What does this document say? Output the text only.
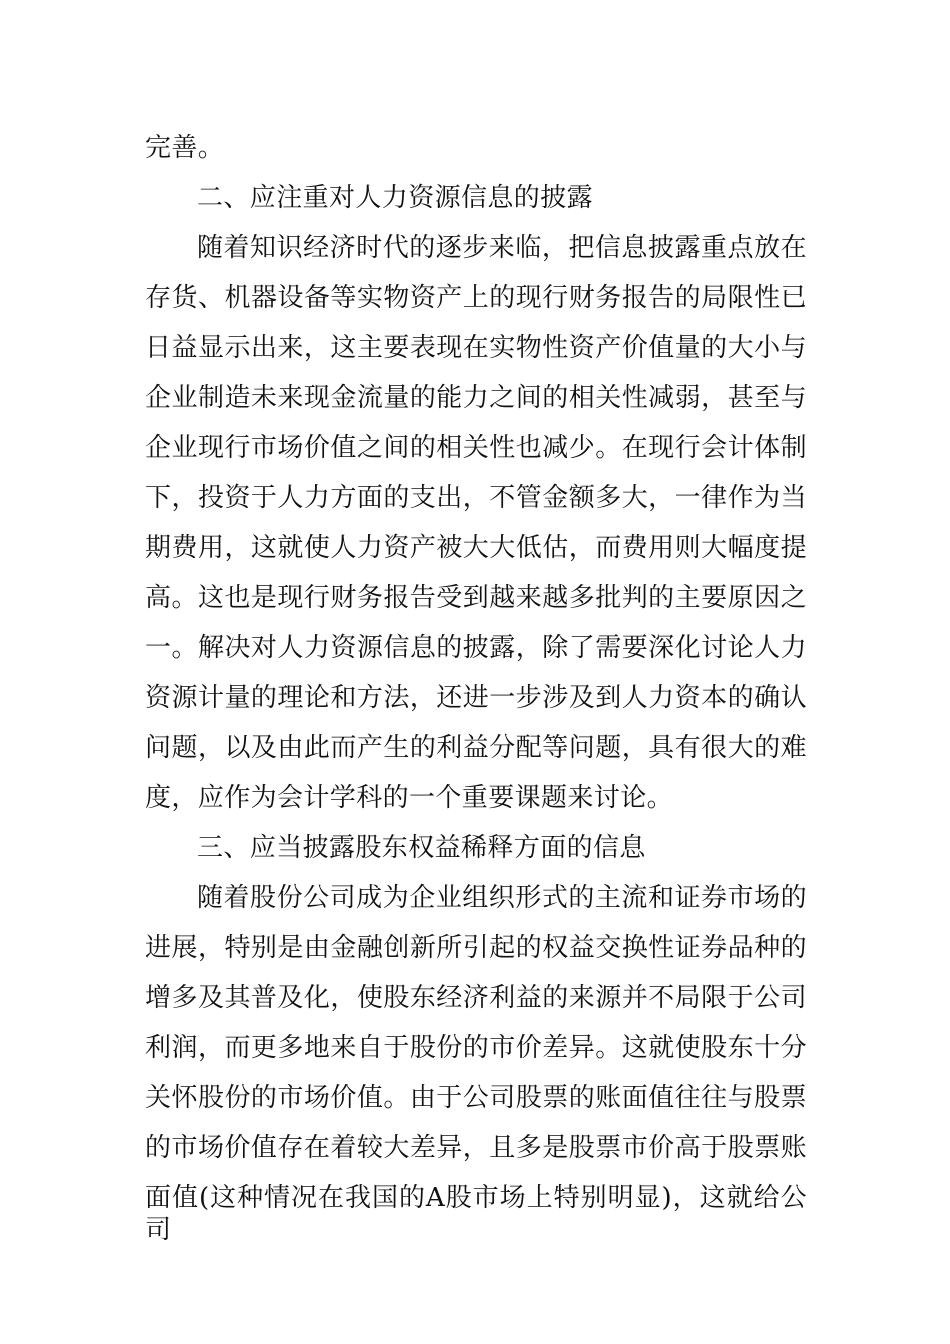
完善。
二、应注重对人力资源信息的披露
随着知识经济时代的逐步来临，把信息披露重点放在
存货、机器设备等实物资产上的现行财务报告的局限性已
日益显示出来，这主要表现在实物性资产价值量的大小与
企业制造未来现金流量的能力之间的相关性减弱，甚至与
企业现行市场价值之间的相关性也减少。在现行会计体制
下，投资于人力方面的支出，不管金额多大，一律作为当
期费用，这就使人力资产被大大低估，而费用则大幅度提
高。这也是现行财务报告受到越来越多批判的主要原因之
一。解决对人力资源信息的披露，除了需要深化讨论人力
资源计量的理论和方法，还进一步涉及到人力资本的确认
问题，以及由此而产生的利益分配等问题，具有很大的难
度，应作为会计学科的一个重要课题来讨论。
三、应当披露股东权益稀释方面的信息
随着股份公司成为企业组织形式的主流和证券市场的
进展，特别是由金融创新所引起的权益交换性证券品种的
增多及其普及化，使股东经济利益的来源并不局限于公司
利润，而更多地来自于股份的市价差异。这就使股东十分
关怀股份的市场价值。由于公司股票的账面值往往与股票
的市场价值存在着较大差异，且多是股票市价高于股票账
面值(这种情况在我国的A股市场上特别明显)，这就给公司
